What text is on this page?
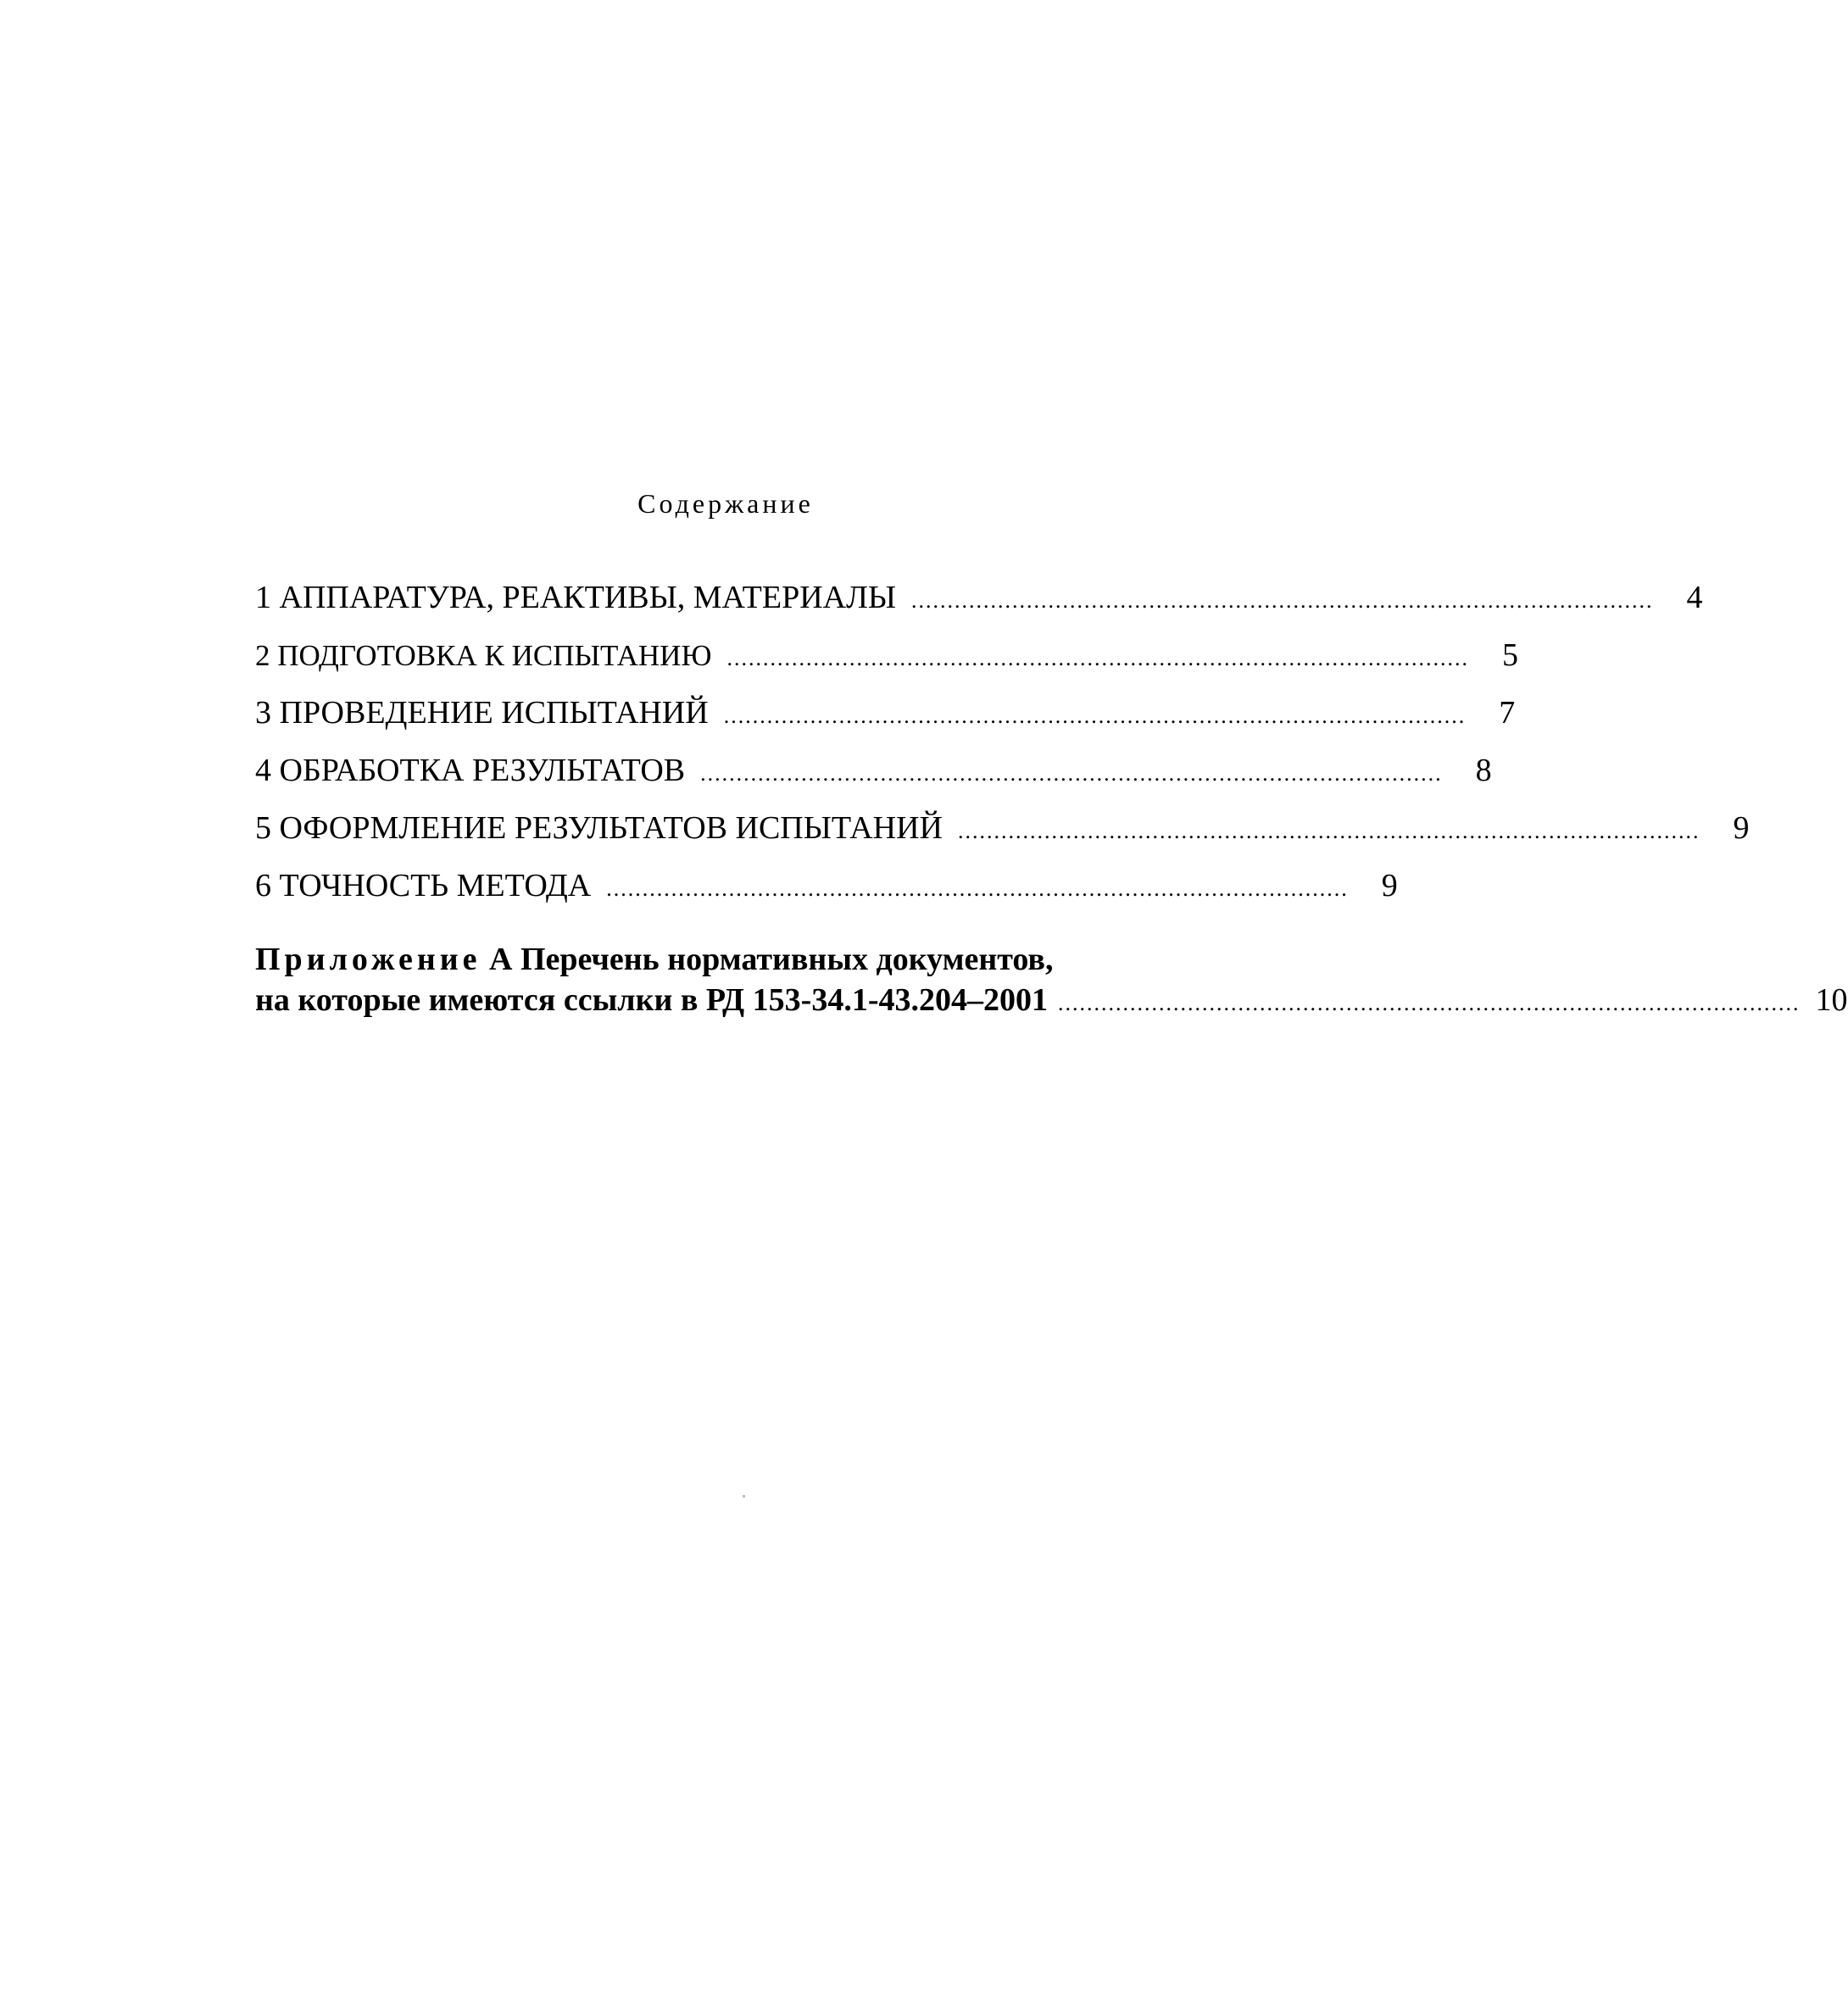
Содержание
1 АППАРАТУРА, РЕАКТИВЫ, МАТЕРИАЛЫ .......................................................................................................	4
2 ПОДГОТОВКА К ИСПЫТАНИЮ .......................................................................................................	5
3 ПРОВЕДЕНИЕ ИСПЫТАНИЙ .......................................................................................................	7
4 ОБРАБОТКА РЕЗУЛЬТАТОВ .......................................................................................................	8
5 ОФОРМЛЕНИЕ РЕЗУЛЬТАТОВ ИСПЫТАНИЙ .......................................................................................................	9
6 ТОЧНОСТЬ МЕТОДА .......................................................................................................	9
Приложение А Перечень нормативных документов,
на которые имеются ссылки в РД 153-34.1-43.204–2001 ....................................................................................................... 10
